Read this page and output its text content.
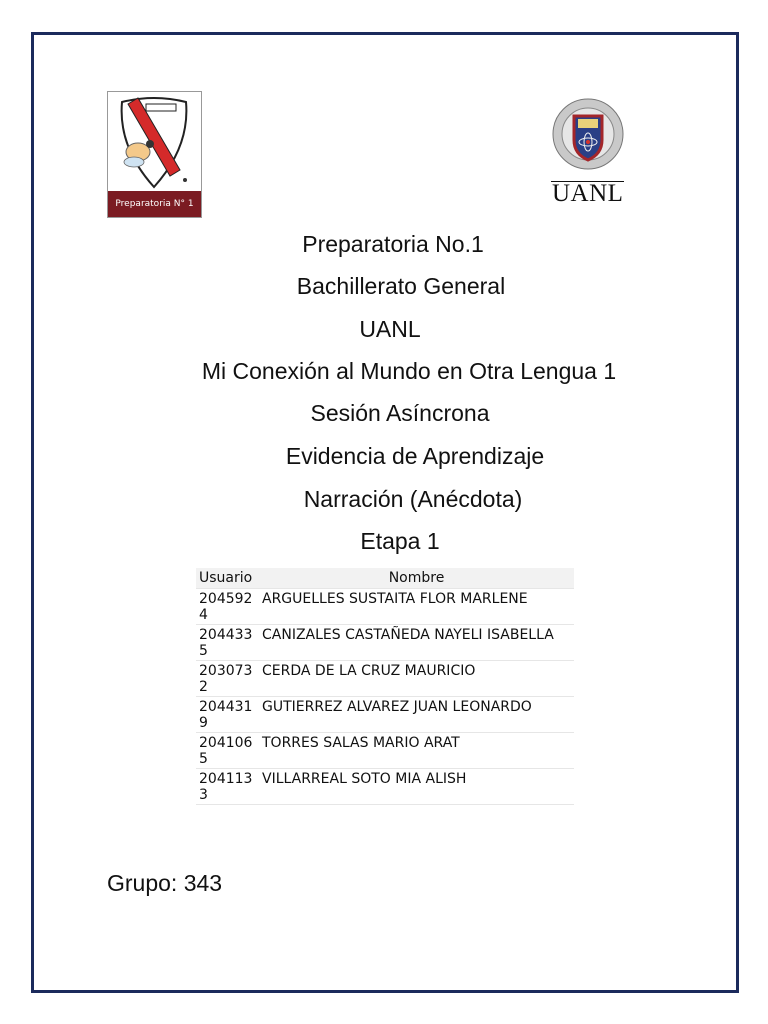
Preparatoria N° 1	UANL
Preparatoria No.1
Bachillerato General
UANL
Mi Conexión al Mundo en Otra Lengua 1
Sesión Asíncrona
Evidencia de Aprendizaje
Narración (Anécdota)
Etapa 1
Usuario	Nombre
2045924	ARGUELLES SUSTAITA FLOR MARLENE
2044335	CANIZALES CASTAÑEDA NAYELI ISABELLA
2030732	CERDA DE LA CRUZ MAURICIO
2044319	GUTIERREZ ALVAREZ JUAN LEONARDO
2041065	TORRES SALAS MARIO ARAT
2041133	VILLARREAL SOTO MIA ALISH
Grupo: 343
